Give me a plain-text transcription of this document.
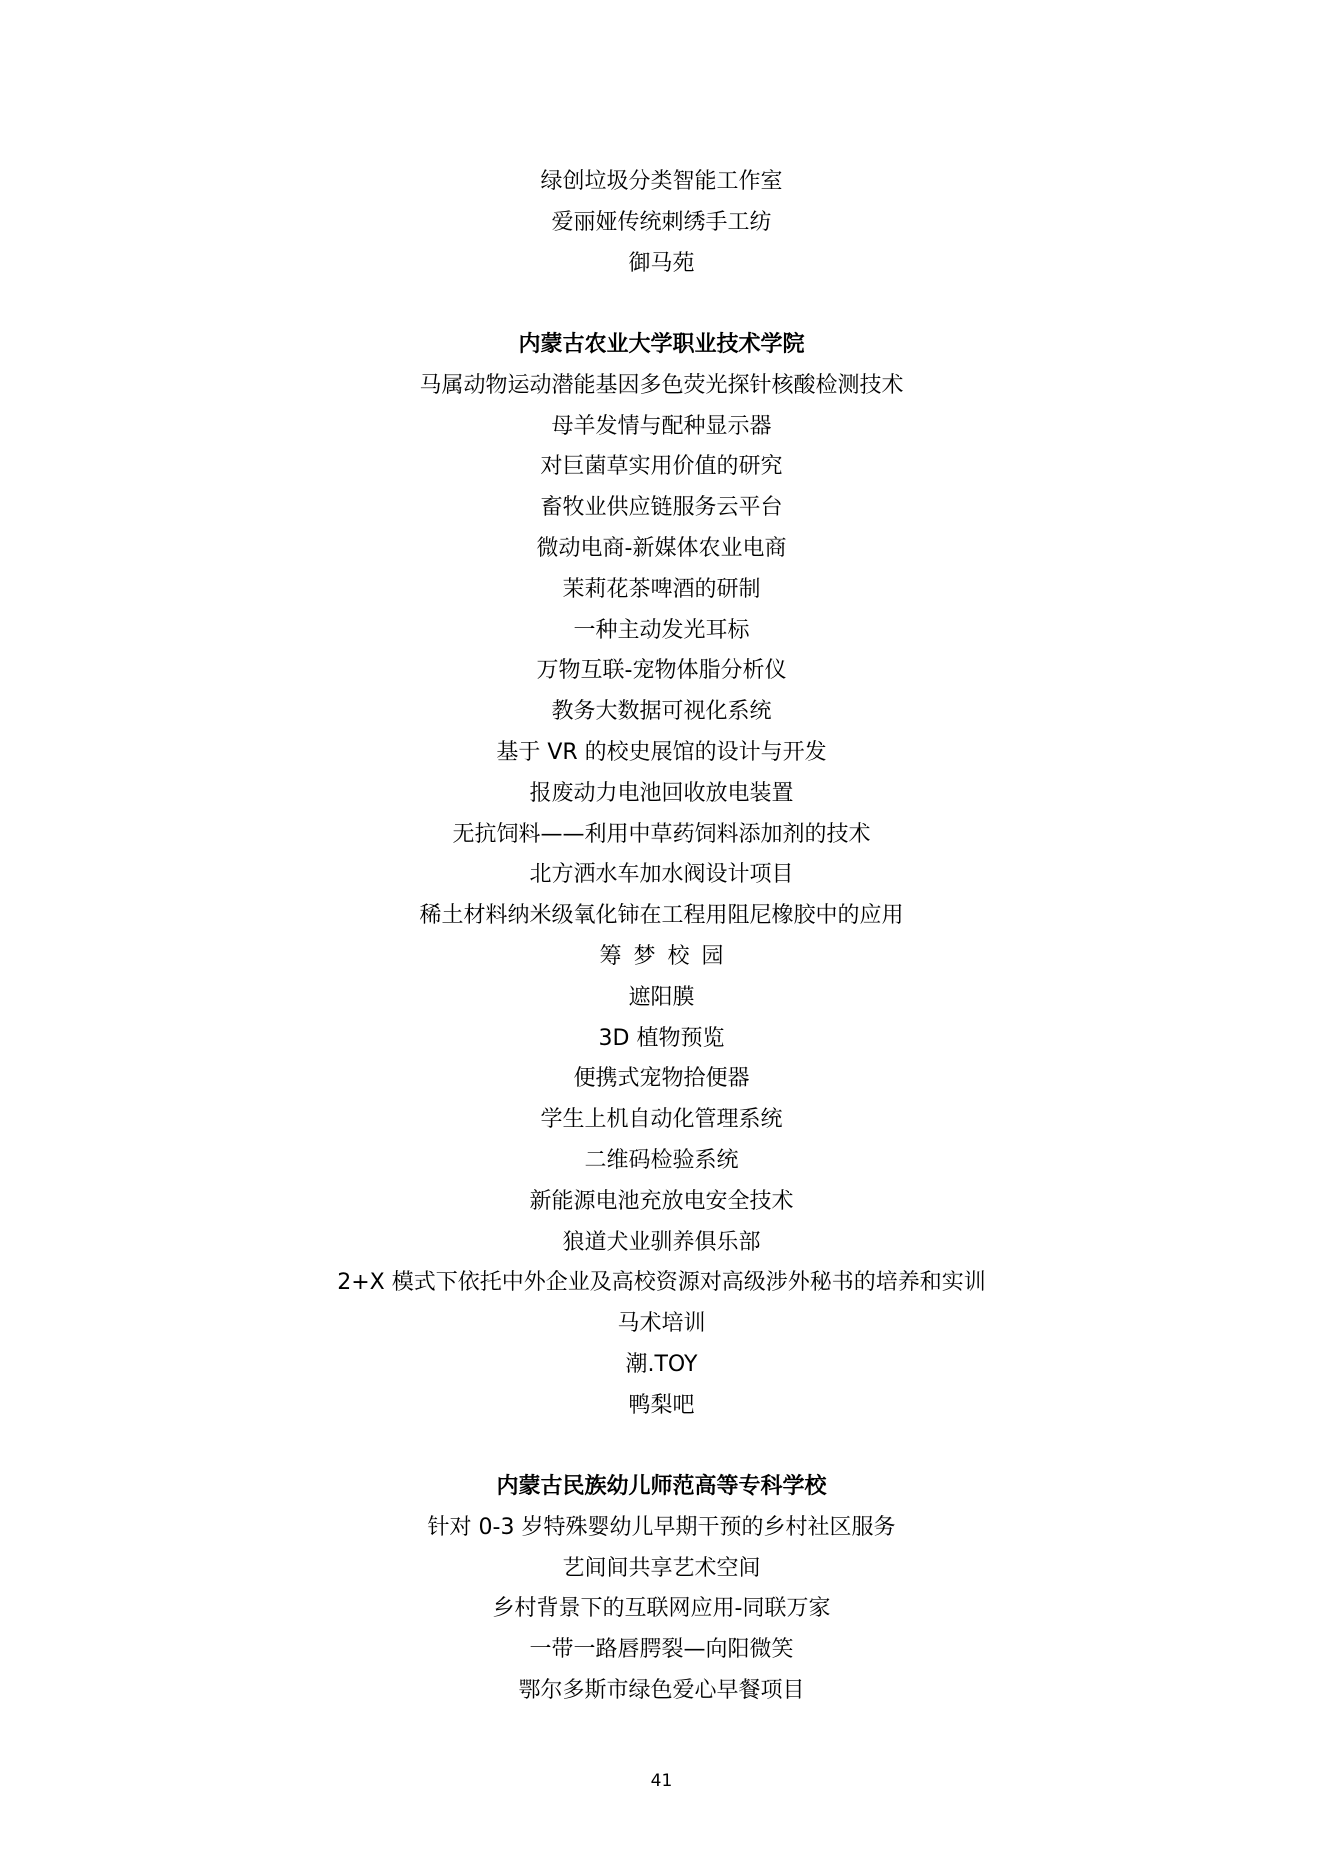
绿创垃圾分类智能工作室
爱丽娅传统刺绣手工纺
御马苑
内蒙古农业大学职业技术学院
马属动物运动潜能基因多色荧光探针核酸检测技术
母羊发情与配种显示器
对巨菌草实用价值的研究
畜牧业供应链服务云平台
微动电商-新媒体农业电商
茉莉花茶啤酒的研制
一种主动发光耳标
万物互联-宠物体脂分析仪
教务大数据可视化系统
基于 VR 的校史展馆的设计与开发
报废动力电池回收放电装置
无抗饲料——利用中草药饲料添加剂的技术
北方洒水车加水阀设计项目
稀土材料纳米级氧化铈在工程用阻尼橡胶中的应用
筹梦校园
遮阳膜
3D 植物预览
便携式宠物拾便器
学生上机自动化管理系统
二维码检验系统
新能源电池充放电安全技术
狼道犬业驯养俱乐部
2+X 模式下依托中外企业及高校资源对高级涉外秘书的培养和实训
马术培训
潮.TOY
鸭梨吧
内蒙古民族幼儿师范高等专科学校
针对 0-3 岁特殊婴幼儿早期干预的乡村社区服务
艺间间共享艺术空间
乡村背景下的互联网应用-同联万家
一带一路唇腭裂—向阳微笑
鄂尔多斯市绿色爱心早餐项目
41
